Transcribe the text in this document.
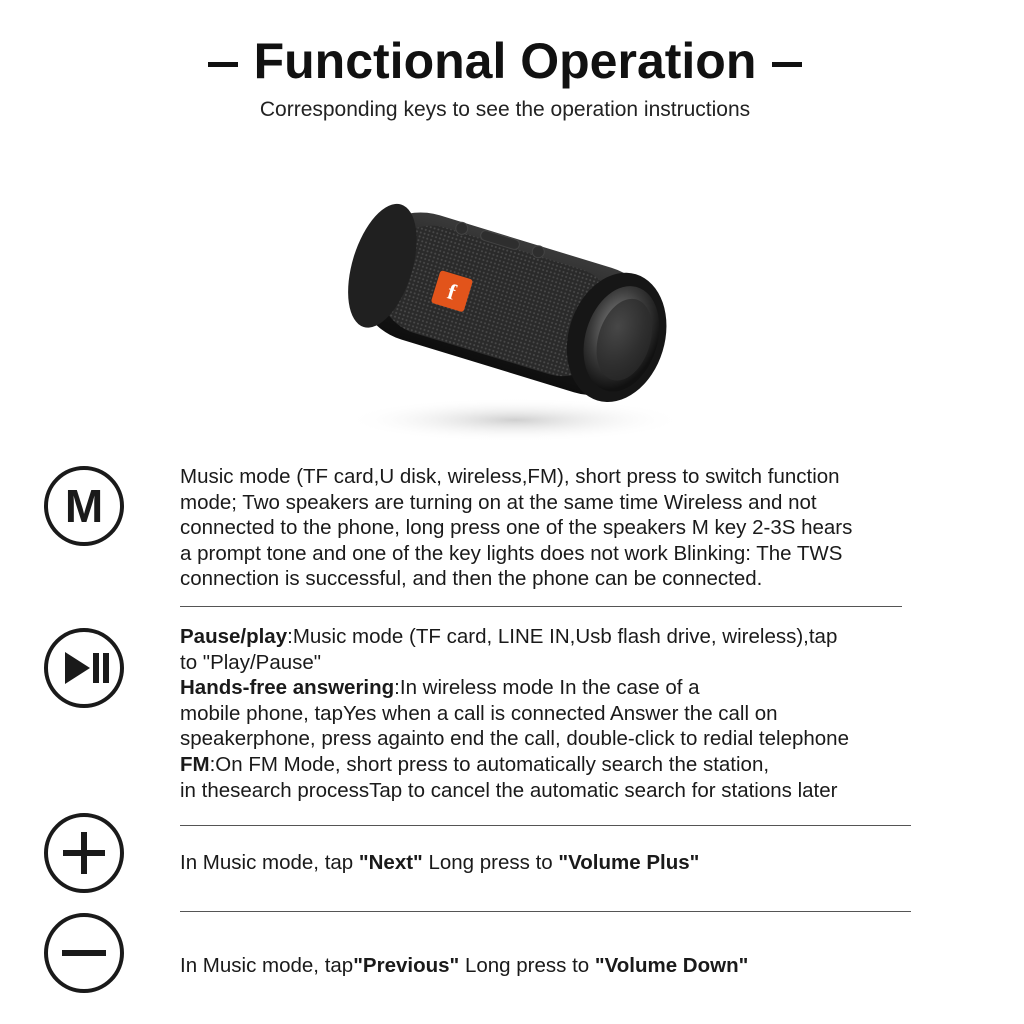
Functional Operation
Corresponding keys to see the operation instructions
f
M
Music mode (TF card,U disk, wireless,FM), short press to switch function
mode; Two speakers are turning on at the same time Wireless and not
connected to the phone, long press one of the speakers M key 2-3S hears
a prompt tone and one of the key lights does not work Blinking: The TWS
connection is successful, and then the phone can be connected.
Pause/play:Music mode (TF card, LINE IN,Usb flash drive, wireless),tap
to "Play/Pause"
Hands-free answering:In wireless mode In the case of a
mobile phone, tapYes when a call is connected Answer the call on
speakerphone, press againto end the call, double-click to redial telephone
FM:On FM Mode, short press to automatically search the station,
in thesearch processTap to cancel the automatic search for stations later
In Music mode, tap "Next" Long press to "Volume Plus"
In Music mode, tap"Previous" Long press to "Volume Down"
